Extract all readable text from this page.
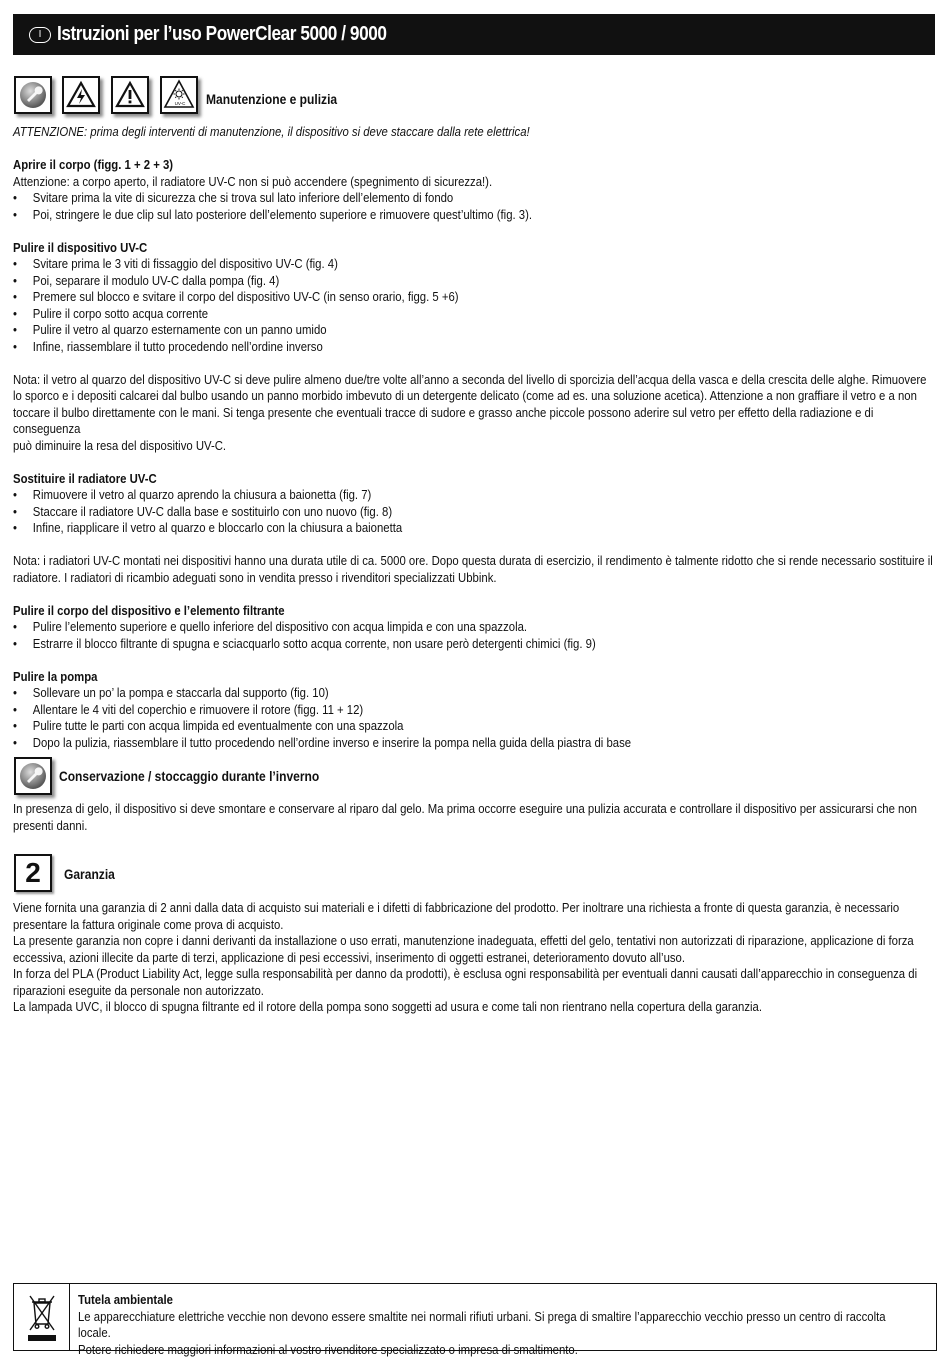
I Istruzioni per l’uso PowerClear 5000 / 9000
UV-C Manutenzione e pulizia

ATTENZIONE: prima degli interventi di manutenzione, il dispositivo si deve staccare dalla rete elettrica!

Aprire il corpo (figg. 1 + 2 + 3)

Attenzione: a corpo aperto, il radiatore UV-C non si può accendere (spegnimento di sicurezza!).

• Svitare prima la vite di sicurezza che si trova sul lato inferiore dell’elemento di fondo
• Poi, stringere le due clip sul lato posteriore dell’elemento superiore e rimuovere quest’ultimo (fig. 3).

Pulire il dispositivo UV-C

• Svitare prima le 3 viti di fissaggio del dispositivo UV-C (fig. 4)
• Poi, separare il modulo UV-C dalla pompa (fig. 4)
• Premere sul blocco e svitare il corpo del dispositivo UV-C (in senso orario, figg. 5 +6)
• Pulire il corpo sotto acqua corrente
• Pulire il vetro al quarzo esternamente con un panno umido
• Infine, riassemblare il tutto procedendo nell’ordine inverso

Nota: il vetro al quarzo del dispositivo UV-C si deve pulire almeno due/tre volte all’anno a seconda del livello di sporcizia dell’acqua della vasca e della crescita delle alghe. Rimuovere

lo sporco e i depositi calcarei dal bulbo usando un panno morbido imbevuto di un detergente delicato (come ad es. una soluzione acetica). Attenzione a non graffiare il vetro e a non

toccare il bulbo direttamente con le mani. Si tenga presente che eventuali tracce di sudore e grasso anche piccole possono aderire sul vetro per effetto della radiazione e di conseguenza

può diminuire la resa del dispositivo UV-C.

Sostituire il radiatore UV-C

• Rimuovere il vetro al quarzo aprendo la chiusura a baionetta (fig. 7)
• Staccare il radiatore UV-C dalla base e sostituirlo con uno nuovo (fig. 8)
• Infine, riapplicare il vetro al quarzo e bloccarlo con la chiusura a baionetta

Nota: i radiatori UV-C montati nei dispositivi hanno una durata utile di ca. 5000 ore. Dopo questa durata di esercizio, il rendimento è talmente ridotto che si rende necessario sostituire il

radiatore. I radiatori di ricambio adeguati sono in vendita presso i rivenditori specializzati Ubbink.

Pulire il corpo del dispositivo e l’elemento filtrante

• Pulire l’elemento superiore e quello inferiore del dispositivo con acqua limpida e con una spazzola.
• Estrarre il blocco filtrante di spugna e sciacquarlo sotto acqua corrente, non usare però detergenti chimici (fig. 9)

Pulire la pompa

• Sollevare un po’ la pompa e staccarla dal supporto (fig. 10)
• Allentare le 4 viti del coperchio e rimuovere il rotore (figg. 11 + 12)
• Pulire tutte le parti con acqua limpida ed eventualmente con una spazzola
• Dopo la pulizia, riassemblare il tutto procedendo nell’ordine inverso e inserire la pompa nella guida della piastra di base
Conservazione / stoccaggio durante l’inverno

In presenza di gelo, il dispositivo si deve smontare e conservare al riparo dal gelo. Ma prima occorre eseguire una pulizia accurata e controllare il dispositivo per assicurarsi che non

presenti danni.

2 Garanzia

Viene fornita una garanzia di 2 anni dalla data di acquisto sui materiali e i difetti di fabbricazione del prodotto. Per inoltrare una richiesta a fronte di questa garanzia, è necessario

presentare la fattura originale come prova di acquisto.

La presente garanzia non copre i danni derivanti da installazione o uso errati, manutenzione inadeguata, effetti del gelo, tentativi non autorizzati di riparazione, applicazione di forza

eccessiva, azioni illecite da parte di terzi, applicazione di pesi eccessivi, inserimento di oggetti estranei, deterioramento dovuto all’uso.

In forza del PLA (Product Liability Act, legge sulla responsabilità per danno da prodotti), è esclusa ogni responsabilità per eventuali danni causati dall’apparecchio in conseguenza di

riparazioni eseguite da personale non autorizzato.

La lampada UVC, il blocco di spugna filtrante ed il rotore della pompa sono soggetti ad usura e come tali non rientrano nella copertura della garanzia.

Tutela ambientale

Le apparecchiature elettriche vecchie non devono essere smaltite nei normali rifiuti urbani. Si prega di smaltire l’apparecchio vecchio presso un centro di raccolta locale.

Potere richiedere maggiori informazioni al vostro rivenditore specializzato o impresa di smaltimento.
